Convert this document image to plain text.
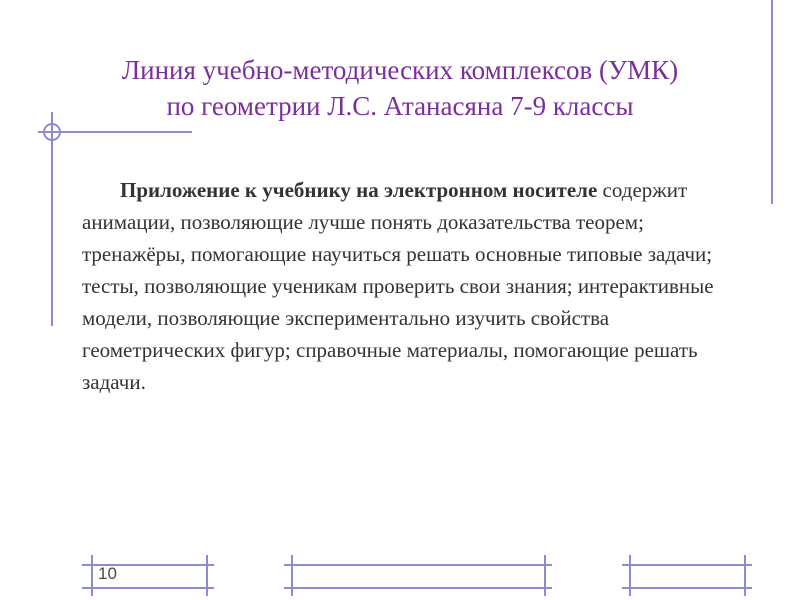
Линия учебно-методических комплексов (УМК)
по геометрии Л.С. Атанасяна 7-9 классы
Приложение к учебнику на электронном носителе содержит анимации, позволяющие лучше понять доказательства теорем; тренажёры, помогающие научиться решать основные типовые задачи; тесты, позволяющие ученикам проверить свои знания; интерактивные модели, позволяющие экспериментально изучить свойства геометрических фигур; справочные материалы, помогающие решать задачи.
10
